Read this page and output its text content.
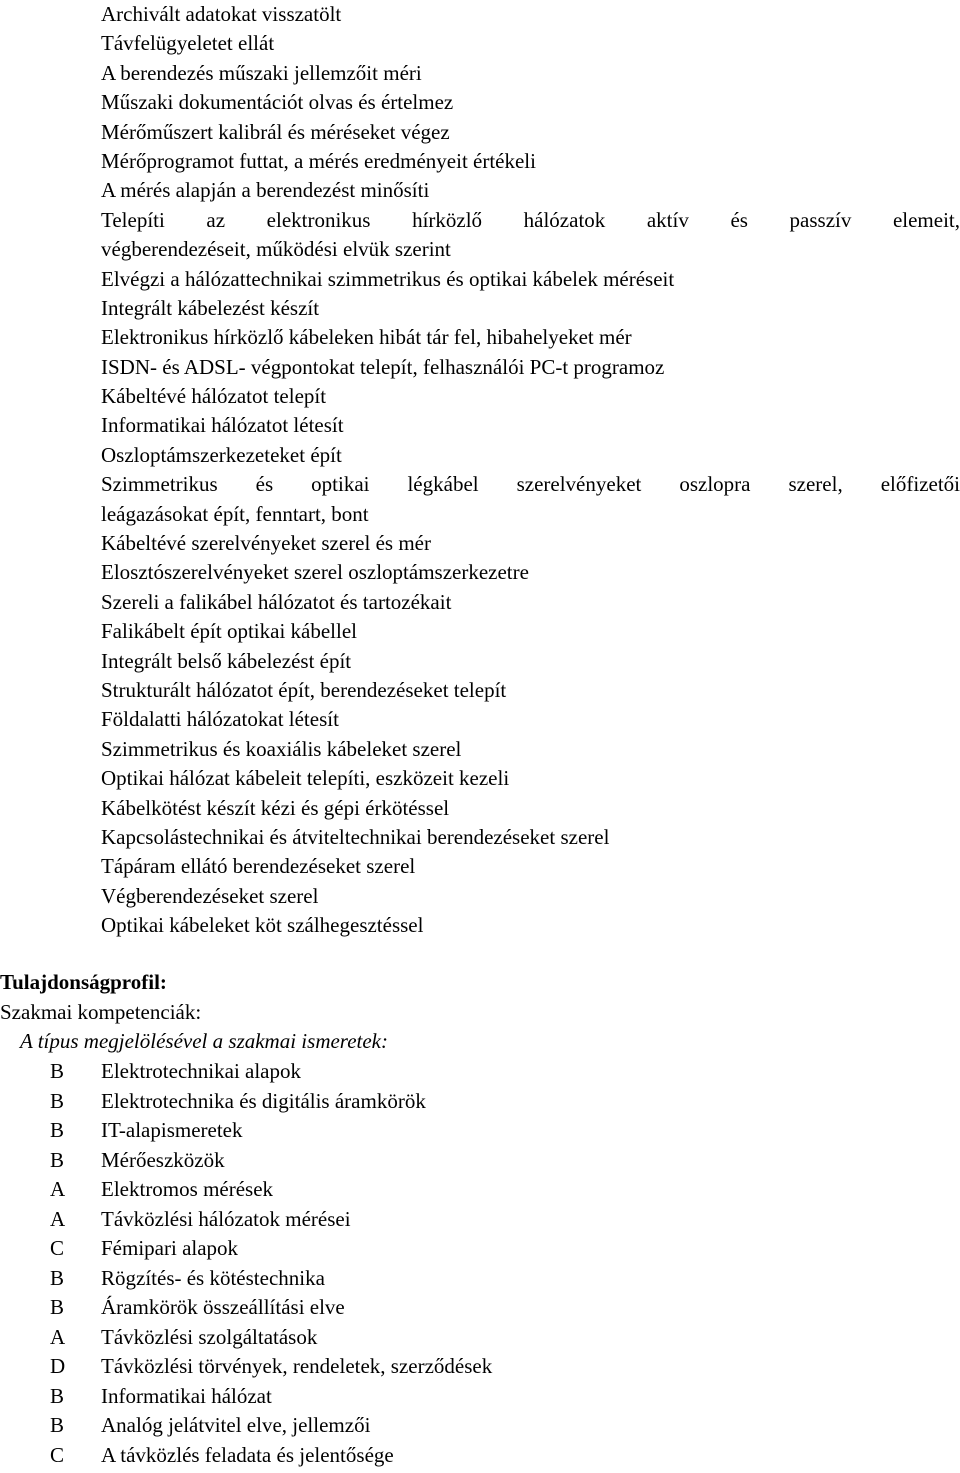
Archivált adatokat visszatölt
Távfelügyeletet ellát
A berendezés műszaki jellemzőit méri
Műszaki dokumentációt olvas és értelmez
Mérőműszert kalibrál és méréseket végez
Mérőprogramot futtat, a mérés eredményeit értékeli
A mérés alapján a berendezést minősíti
Telepíti az elektronikus hírközlő hálózatok aktív és passzív elemeit,
végberendezéseit, működési elvük szerint
Elvégzi a hálózattechnikai szimmetrikus és optikai kábelek méréseit
Integrált kábelezést készít
Elektronikus hírközlő kábeleken hibát tár fel, hibahelyeket mér
ISDN- és ADSL- végpontokat telepít, felhasználói PC-t programoz
Kábeltévé hálózatot telepít
Informatikai hálózatot létesít
Oszloptámszerkezeteket épít
Szimmetrikus és optikai légkábel szerelvényeket oszlopra szerel, előfizetői
leágazásokat épít, fenntart, bont
Kábeltévé szerelvényeket szerel és mér
Elosztószerelvényeket szerel oszloptámszerkezetre
Szereli a falikábel hálózatot és tartozékait
Falikábelt épít optikai kábellel
Integrált belső kábelezést épít
Strukturált hálózatot épít, berendezéseket telepít
Földalatti hálózatokat létesít
Szimmetrikus és koaxiális kábeleket szerel
Optikai hálózat kábeleit telepíti, eszközeit kezeli
Kábelkötést készít kézi és gépi érkötéssel
Kapcsolástechnikai és átviteltechnikai berendezéseket szerel
Tápáram ellátó berendezéseket szerel
Végberendezéseket szerel
Optikai kábeleket köt szálhegesztéssel
Tulajdonságprofil:
Szakmai kompetenciák:
A típus megjelölésével a szakmai ismeretek:
B Elektrotechnikai alapok
B Elektrotechnika és digitális áramkörök
B IT-alapismeretek
B Mérőeszközök
A Elektromos mérések
A Távközlési hálózatok mérései
C Fémipari alapok
B Rögzítés- és kötéstechnika
B Áramkörök összeállítási elve
A Távközlési szolgáltatások
D Távközlési törvények, rendeletek, szerződések
B Informatikai hálózat
B Analóg jelátvitel elve, jellemzői
C A távközlés feladata és jelentősége
